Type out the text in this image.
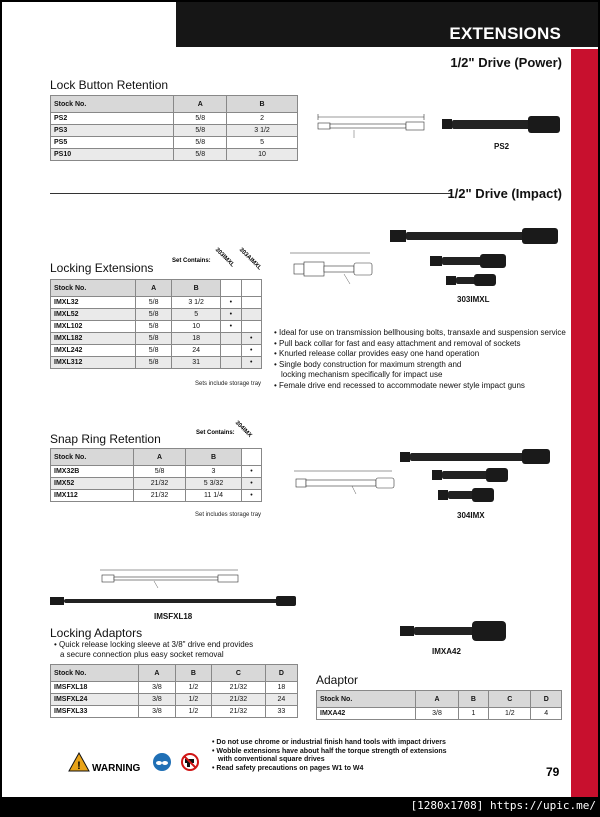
EXTENSIONS
1/2" Drive (Power)
Lock Button Retention
Stock No.	A	B
PS2	5/8	2
PS3	5/8	3 1/2
PS5	5/8	5
PS10	5/8	10
PS2
1/2" Drive (Impact)
Locking Extensions	Set Contains: 303IMXL 303AIMXL
Stock No.	A	B		
IMXL32	5/8	3 1/2	•	
IMXL52	5/8	5	•	
IMXL102	5/8	10	•	
IMXL182	5/8	18		•
IMXL242	5/8	24		•
IMXL312	5/8	31		•
Sets include storage tray
303IMXL
• Ideal for use on transmission bellhousing bolts, transaxle and suspension service
• Pull back collar for fast and easy attachment and removal of sockets
• Knurled release collar provides easy one hand operation
• Single body construction for maximum strength and
locking mechanism specifically for impact use
• Female drive end recessed to accommodate newer style impact guns
Snap Ring Retention	Set Contains: 304IMX
Stock No.	A	B	
IMX32B	5/8	3	•
IMX52	21/32	5 3/32	•
IMX112	21/32	11 1/4	•
Set includes storage tray	304IMX
IMSFXL18
Locking Adaptors
• Quick release locking sleeve at 3/8" drive end provides
a secure connection plus easy socket removal
Stock No.	A	B	C	D
IMSFXL18	3/8	1/2	21/32	18
IMSFXL24	3/8	1/2	21/32	24
IMSFXL33	3/8	1/2	21/32	33
IMXA42
Adaptor
Stock No.	A	B	C	D
IMXA42	3/8	1	1/2	4
! WARNING
• Do not use chrome or industrial finish hand tools with impact drivers
• Wobble extensions have about half the torque strength of extensions
with conventional square drives
• Read safety precautions on pages W1 to W4	79
[1280x1708] https://upic.me/
